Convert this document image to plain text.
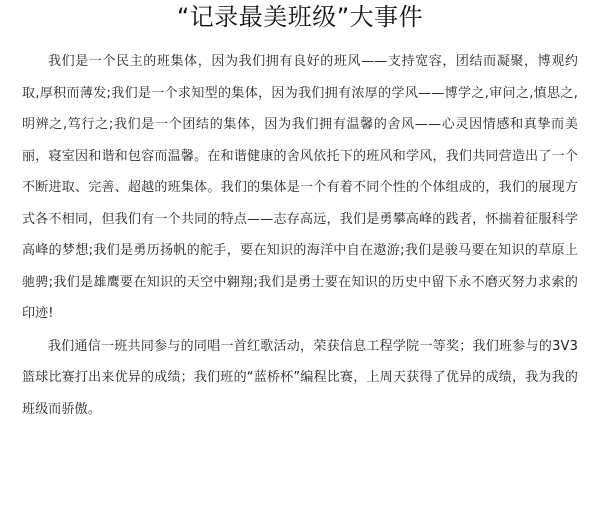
“记录最美班级”大事件

我们是一个民主的班集体，因为我们拥有良好的班风——支持宽容，团结而凝聚，博观约取,厚积而薄发;我们是一个求知型的集体，因为我们拥有浓厚的学风——博学之,审问之,慎思之,明辨之,笃行之;我们是一个团结的集体，因为我们拥有温馨的舍风——心灵因情感和真挚而美丽，寝室因和谐和包容而温馨。在和谐健康的舍风依托下的班风和学风，我们共同营造出了一个不断进取、完善、超越的班集体。我们的集体是一个有着不同个性的个体组成的，我们的展现方式各不相同，但我们有一个共同的特点——志存高远，我们是勇攀高峰的践者，怀揣着征服科学高峰的梦想;我们是勇历扬帆的舵手，要在知识的海洋中自在遨游;我们是骏马要在知识的草原上驰骋;我们是雄鹰要在知识的天空中翱翔;我们是勇士要在知识的历史中留下永不磨灭努力求索的印迹!

我们通信一班共同参与的同唱一首红歌活动，荣获信息工程学院一等奖；我们班参与的3V3 篮球比赛打出来优异的成绩；我们班的“蓝桥杯”编程比赛，上周天获得了优异的成绩，我为我的班级而骄傲。
